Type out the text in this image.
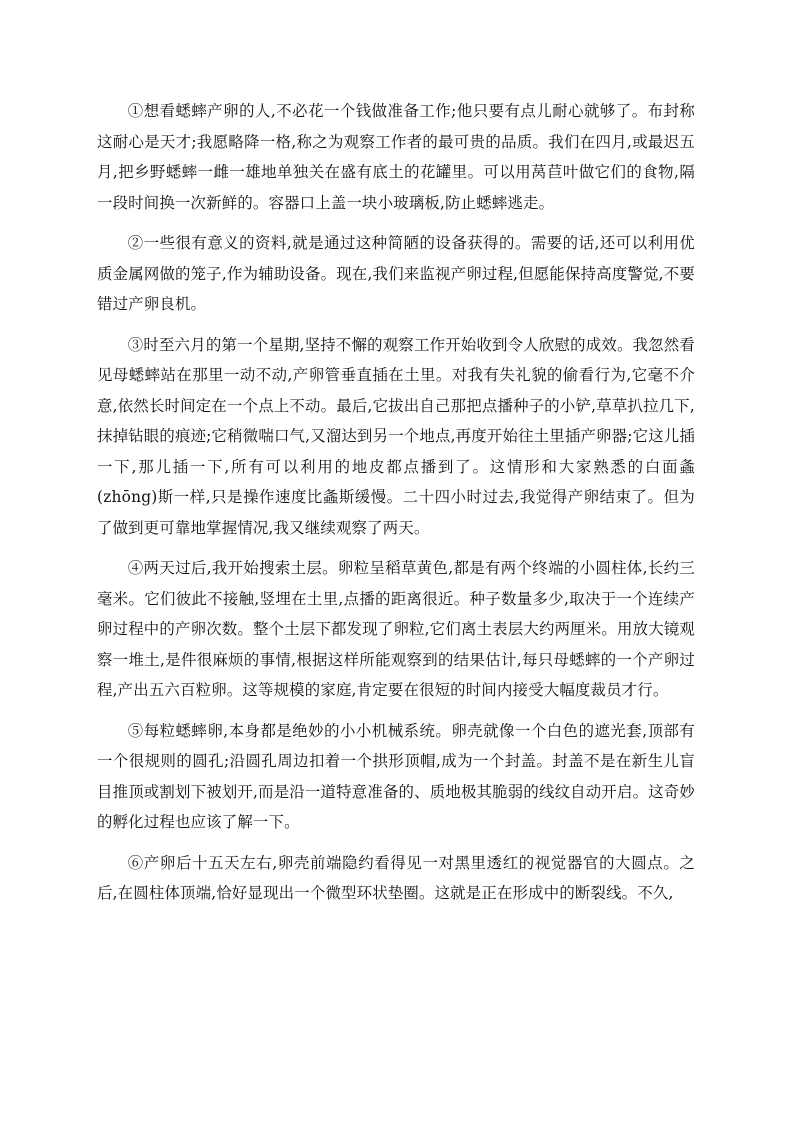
①想看蟋蟀产卵的人,不必花一个钱做准备工作;他只要有点儿耐心就够了。布封称这耐心是天才;我愿略降一格,称之为观察工作者的最可贵的品质。我们在四月,或最迟五月,把乡野蟋蟀一雌一雄地单独关在盛有底土的花罐里。可以用莴苣叶做它们的食物,隔一段时间换一次新鲜的。容器口上盖一块小玻璃板,防止蟋蟀逃走。

②一些很有意义的资料,就是通过这种简陋的设备获得的。需要的话,还可以利用优质金属网做的笼子,作为辅助设备。现在,我们来监视产卵过程,但愿能保持高度警觉,不要错过产卵良机。

③时至六月的第一个星期,坚持不懈的观察工作开始收到令人欣慰的成效。我忽然看见母蟋蟀站在那里一动不动,产卵管垂直插在土里。对我有失礼貌的偷看行为,它毫不介意,依然长时间定在一个点上不动。最后,它拔出自己那把点播种子的小铲,草草扒拉几下,抹掉钻眼的痕迹;它稍微喘口气,又溜达到另一个地点,再度开始往土里插产卵器;它这儿插一下,那儿插一下,所有可以利用的地皮都点播到了。这情形和大家熟悉的白面螽(zhōng)斯一样,只是操作速度比螽斯缓慢。二十四小时过去,我觉得产卵结束了。但为了做到更可靠地掌握情况,我又继续观察了两天。

④两天过后,我开始搜索土层。卵粒呈稻草黄色,都是有两个终端的小圆柱体,长约三毫米。它们彼此不接触,竖埋在土里,点播的距离很近。种子数量多少,取决于一个连续产卵过程中的产卵次数。整个土层下都发现了卵粒,它们离土表层大约两厘米。用放大镜观察一堆土,是件很麻烦的事情,根据这样所能观察到的结果估计,每只母蟋蟀的一个产卵过程,产出五六百粒卵。这等规模的家庭,肯定要在很短的时间内接受大幅度裁员才行。

⑤每粒蟋蟀卵,本身都是绝妙的小小机械系统。卵壳就像一个白色的遮光套,顶部有一个很规则的圆孔;沿圆孔周边扣着一个拱形顶帽,成为一个封盖。封盖不是在新生儿盲目推顶或割划下被划开,而是沿一道特意准备的、质地极其脆弱的线纹自动开启。这奇妙的孵化过程也应该了解一下。

⑥产卵后十五天左右,卵壳前端隐约看得见一对黑里透红的视觉器官的大圆点。之后,在圆柱体顶端,恰好显现出一个微型环状垫圈。这就是正在形成中的断裂线。不久,
